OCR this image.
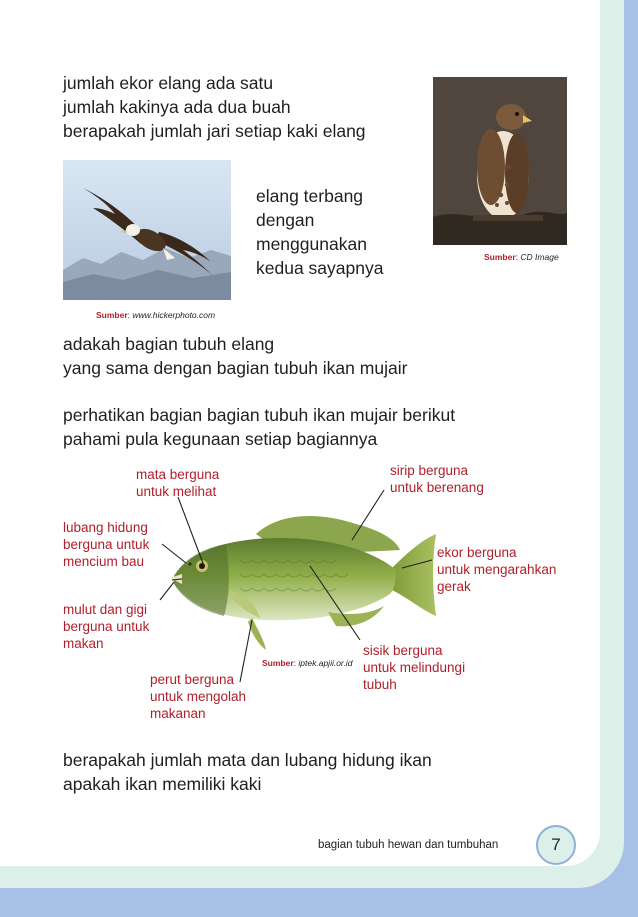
jumlah ekor elang ada satu

jumlah kakinya ada dua buah

berapakah jumlah jari setiap kaki elang

Sumber: www.hickerphoto.com

elang terbang

dengan

menggunakan

kedua sayapnya

Sumber: CD Image

adakah bagian tubuh elang

yang sama dengan bagian tubuh ikan mujair

perhatikan bagian bagian tubuh ikan mujair berikut

pahami pula kegunaan setiap bagiannya

mata berguna

untuk melihat

sirip berguna

untuk berenang

lubang hidung

berguna untuk

mencium bau

ekor berguna

untuk mengarahkan

gerak

mulut dan gigi

berguna untuk

makan	sisik berguna

untuk melindungi

tubuh

perut berguna

untuk mengolah

makanan

Sumber: iptek.apjii.or.id

berapakah jumlah mata dan lubang hidung ikan

apakah ikan memiliki kaki

bagian tubuh hewan dan tumbuhan	7
